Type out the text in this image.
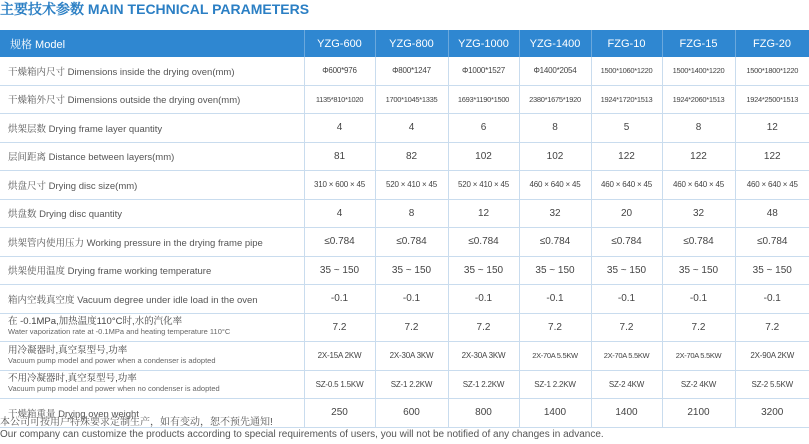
主要技术参数 MAIN TECHNICAL PARAMETERS
规格 Model	YZG-600	YZG-800	YZG-1000	YZG-1400	FZG-10	FZG-15	FZG-20
干燥箱内尺寸 Dimensions inside the drying oven(mm)	Φ600*976	Φ800*1247	Φ1000*1527	Φ1400*2054	1500*1060*1220	1500*1400*1220	1500*1800*1220
干燥箱外尺寸 Dimensions outside the drying oven(mm)	1135*810*1020	1700*1045*1335	1693*1190*1500	2380*1675*1920	1924*1720*1513	1924*2060*1513	1924*2500*1513
烘架层数 Drying frame layer quantity	4	4	6	8	5	8	12
层间距离 Distance between layers(mm)	81	82	102	102	122	122	122
烘盘尺寸 Drying disc size(mm)	310 × 600 × 45	520 × 410 × 45	520 × 410 × 45	460 × 640 × 45	460 × 640 × 45	460 × 640 × 45	460 × 640 × 45
烘盘数 Drying disc quantity	4	8	12	32	20	32	48
烘架管内使用压力 Working pressure in the drying frame pipe	≤0.784	≤0.784	≤0.784	≤0.784	≤0.784	≤0.784	≤0.784
烘架使用温度 Drying frame working temperature	35 ~ 150	35 ~ 150	35 ~ 150	35 ~ 150	35 ~ 150	35 ~ 150	35 ~ 150
箱内空载真空度 Vacuum degree under idle load in the oven	-0.1	-0.1	-0.1	-0.1	-0.1	-0.1	-0.1

在 -0.1MPa,加热温度110°C时,水的汽化率
Water vaporization rate at -0.1MPa and heating temperature 110°C	7.2	7.2	7.2	7.2	7.2	7.2	7.2

用冷凝器时,真空泵型号,功率
Vacuum pump model and power when a condenser is adopted	2X-15A 2KW	2X-30A 3KW	2X-30A 3KW	2X-70A 5.5KW	2X-70A 5.5KW	2X-70A 5.5KW	2X-90A 2KW

不用冷凝器时,真空泵型号,功率
Vacuum pump model and power when no condenser is adopted	SZ-0.5 1.5KW	SZ-1 2.2KW	SZ-1 2.2KW	SZ-1 2.2KW	SZ-2 4KW	SZ-2 4KW	SZ-2 5.5KW
干燥箱重量 Drying oven weight	250	600	800	1400	1400	2100	3200
本公司可按用户特殊要求定制生产，如有变动，恕不预先通知!
Our company can customize the products according to special requirements of users, you will not be notified of any changes in advance.
